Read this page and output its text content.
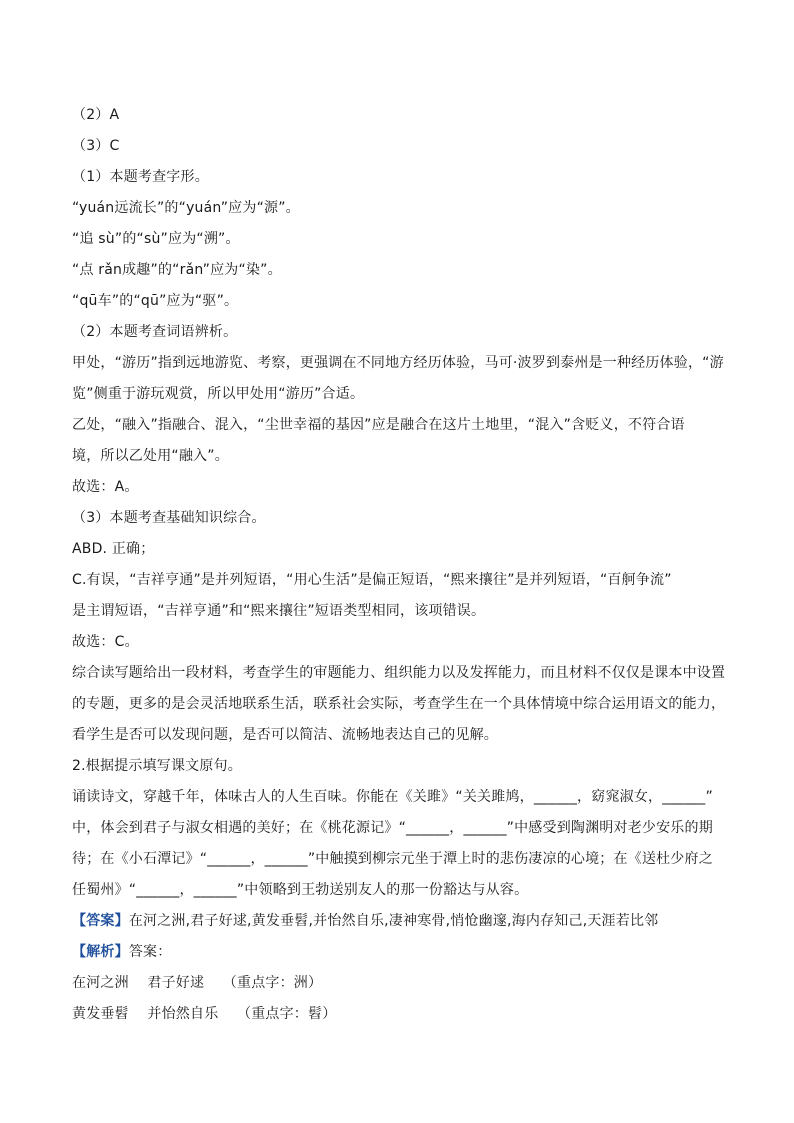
（2）A
（3）C
（1）本题考查字形。
“yuán远流长”的“yuán”应为“源”。
“追 sù”的“sù”应为“溯”。
“点 rǎn成趣”的“rǎn”应为“染”。
“qū车”的“qū”应为“驱”。
（2）本题考查词语辨析。
甲处，“游历”指到远地游览、考察，更强调在不同地方经历体验，马可·波罗到泰州是一种经历体验，“游
览”侧重于游玩观赏，所以甲处用“游历”合适。
乙处，“融入”指融合、混入，“尘世幸福的基因”应是融合在这片土地里，“混入”含贬义，不符合语
境，所以乙处用“融入”。
故选：A。
（3）本题考查基础知识综合。
ABD. 正确；
C.有误，“吉祥亨通”是并列短语，“用心生活”是偏正短语，“熙来攘往”是并列短语，“百舸争流”
是主谓短语，“吉祥亨通”和“熙来攘往”短语类型相同，该项错误。
故选：C。
综合读写题给出一段材料，考查学生的审题能力、组织能力以及发挥能力，而且材料不仅仅是课本中设置
的专题，更多的是会灵活地联系生活，联系社会实际，考查学生在一个具体情境中综合运用语文的能力，
看学生是否可以发现问题，是否可以简洁、流畅地表达自己的见解。
2.根据提示填写课文原句。
诵读诗文，穿越千年，体味古人的人生百味。你能在《关雎》“关关雎鸠，______，窈窕淑女，______”
中，体会到君子与淑女相遇的美好；在《桃花源记》“______，______”中感受到陶渊明对老少安乐的期
待；在《小石潭记》“______，______”中触摸到柳宗元坐于潭上时的悲伤凄凉的心境；在《送杜少府之
任蜀州》“______，______”中领略到王勃送别友人的那一份豁达与从容。
【答案】在河之洲,君子好逑,黄发垂髫,并怡然自乐,凄神寒骨,悄怆幽邃,海内存知己,天涯若比邻
【解析】答案：
在河之洲    君子好逑    （重点字：洲）
黄发垂髫    并怡然自乐    （重点字：髫）
